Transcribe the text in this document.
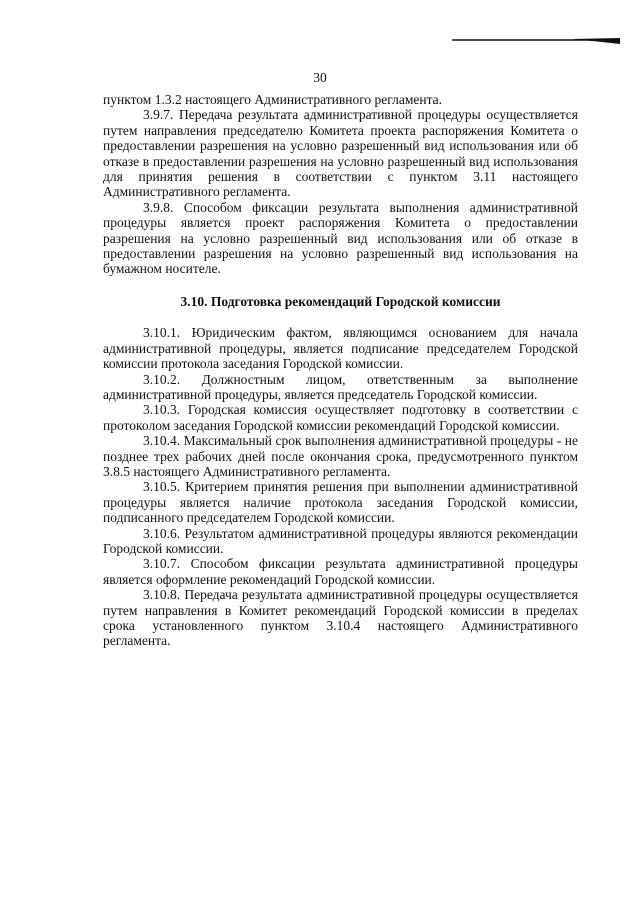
30

пунктом 1.3.2 настоящего Административного регламента.

3.9.7. Передача результата административной процедуры осуществляется путем направления председателю Комитета проекта распоряжения Комитета о предоставлении разрешения на условно разрешенный вид использования или об отказе в предоставлении разрешения на условно разрешенный вид использования для принятия решения в соответствии с пунктом 3.11 настоящего Административного регламента.

3.9.8. Способом фиксации результата выполнения административной процедуры является проект распоряжения Комитета о предоставлении разрешения на условно разрешенный вид использования или об отказе в предоставлении разрешения на условно разрешенный вид использования на бумажном носителе.

3.10. Подготовка рекомендаций Городской комиссии

3.10.1. Юридическим фактом, являющимся основанием для начала административной процедуры, является подписание председателем Городской комиссии протокола заседания Городской комиссии.

3.10.2. Должностным лицом, ответственным за выполнение административной процедуры, является председатель Городской комиссии.

3.10.3. Городская комиссия осуществляет подготовку в соответствии с протоколом заседания Городской комиссии рекомендаций Городской комиссии.

3.10.4. Максимальный срок выполнения административной процедуры - не позднее трех рабочих дней после окончания срока, предусмотренного пунктом 3.8.5 настоящего Административного регламента.

3.10.5. Критерием принятия решения при выполнении административной процедуры является наличие протокола заседания Городской комиссии, подписанного председателем Городской комиссии.

3.10.6. Результатом административной процедуры являются рекомендации Городской комиссии.

3.10.7. Способом фиксации результата административной процедуры является оформление рекомендаций Городской комиссии.

3.10.8. Передача результата административной процедуры осуществляется путем направления в Комитет рекомендаций Городской комиссии в пределах срока установленного пунктом 3.10.4 настоящего Административного регламента.
